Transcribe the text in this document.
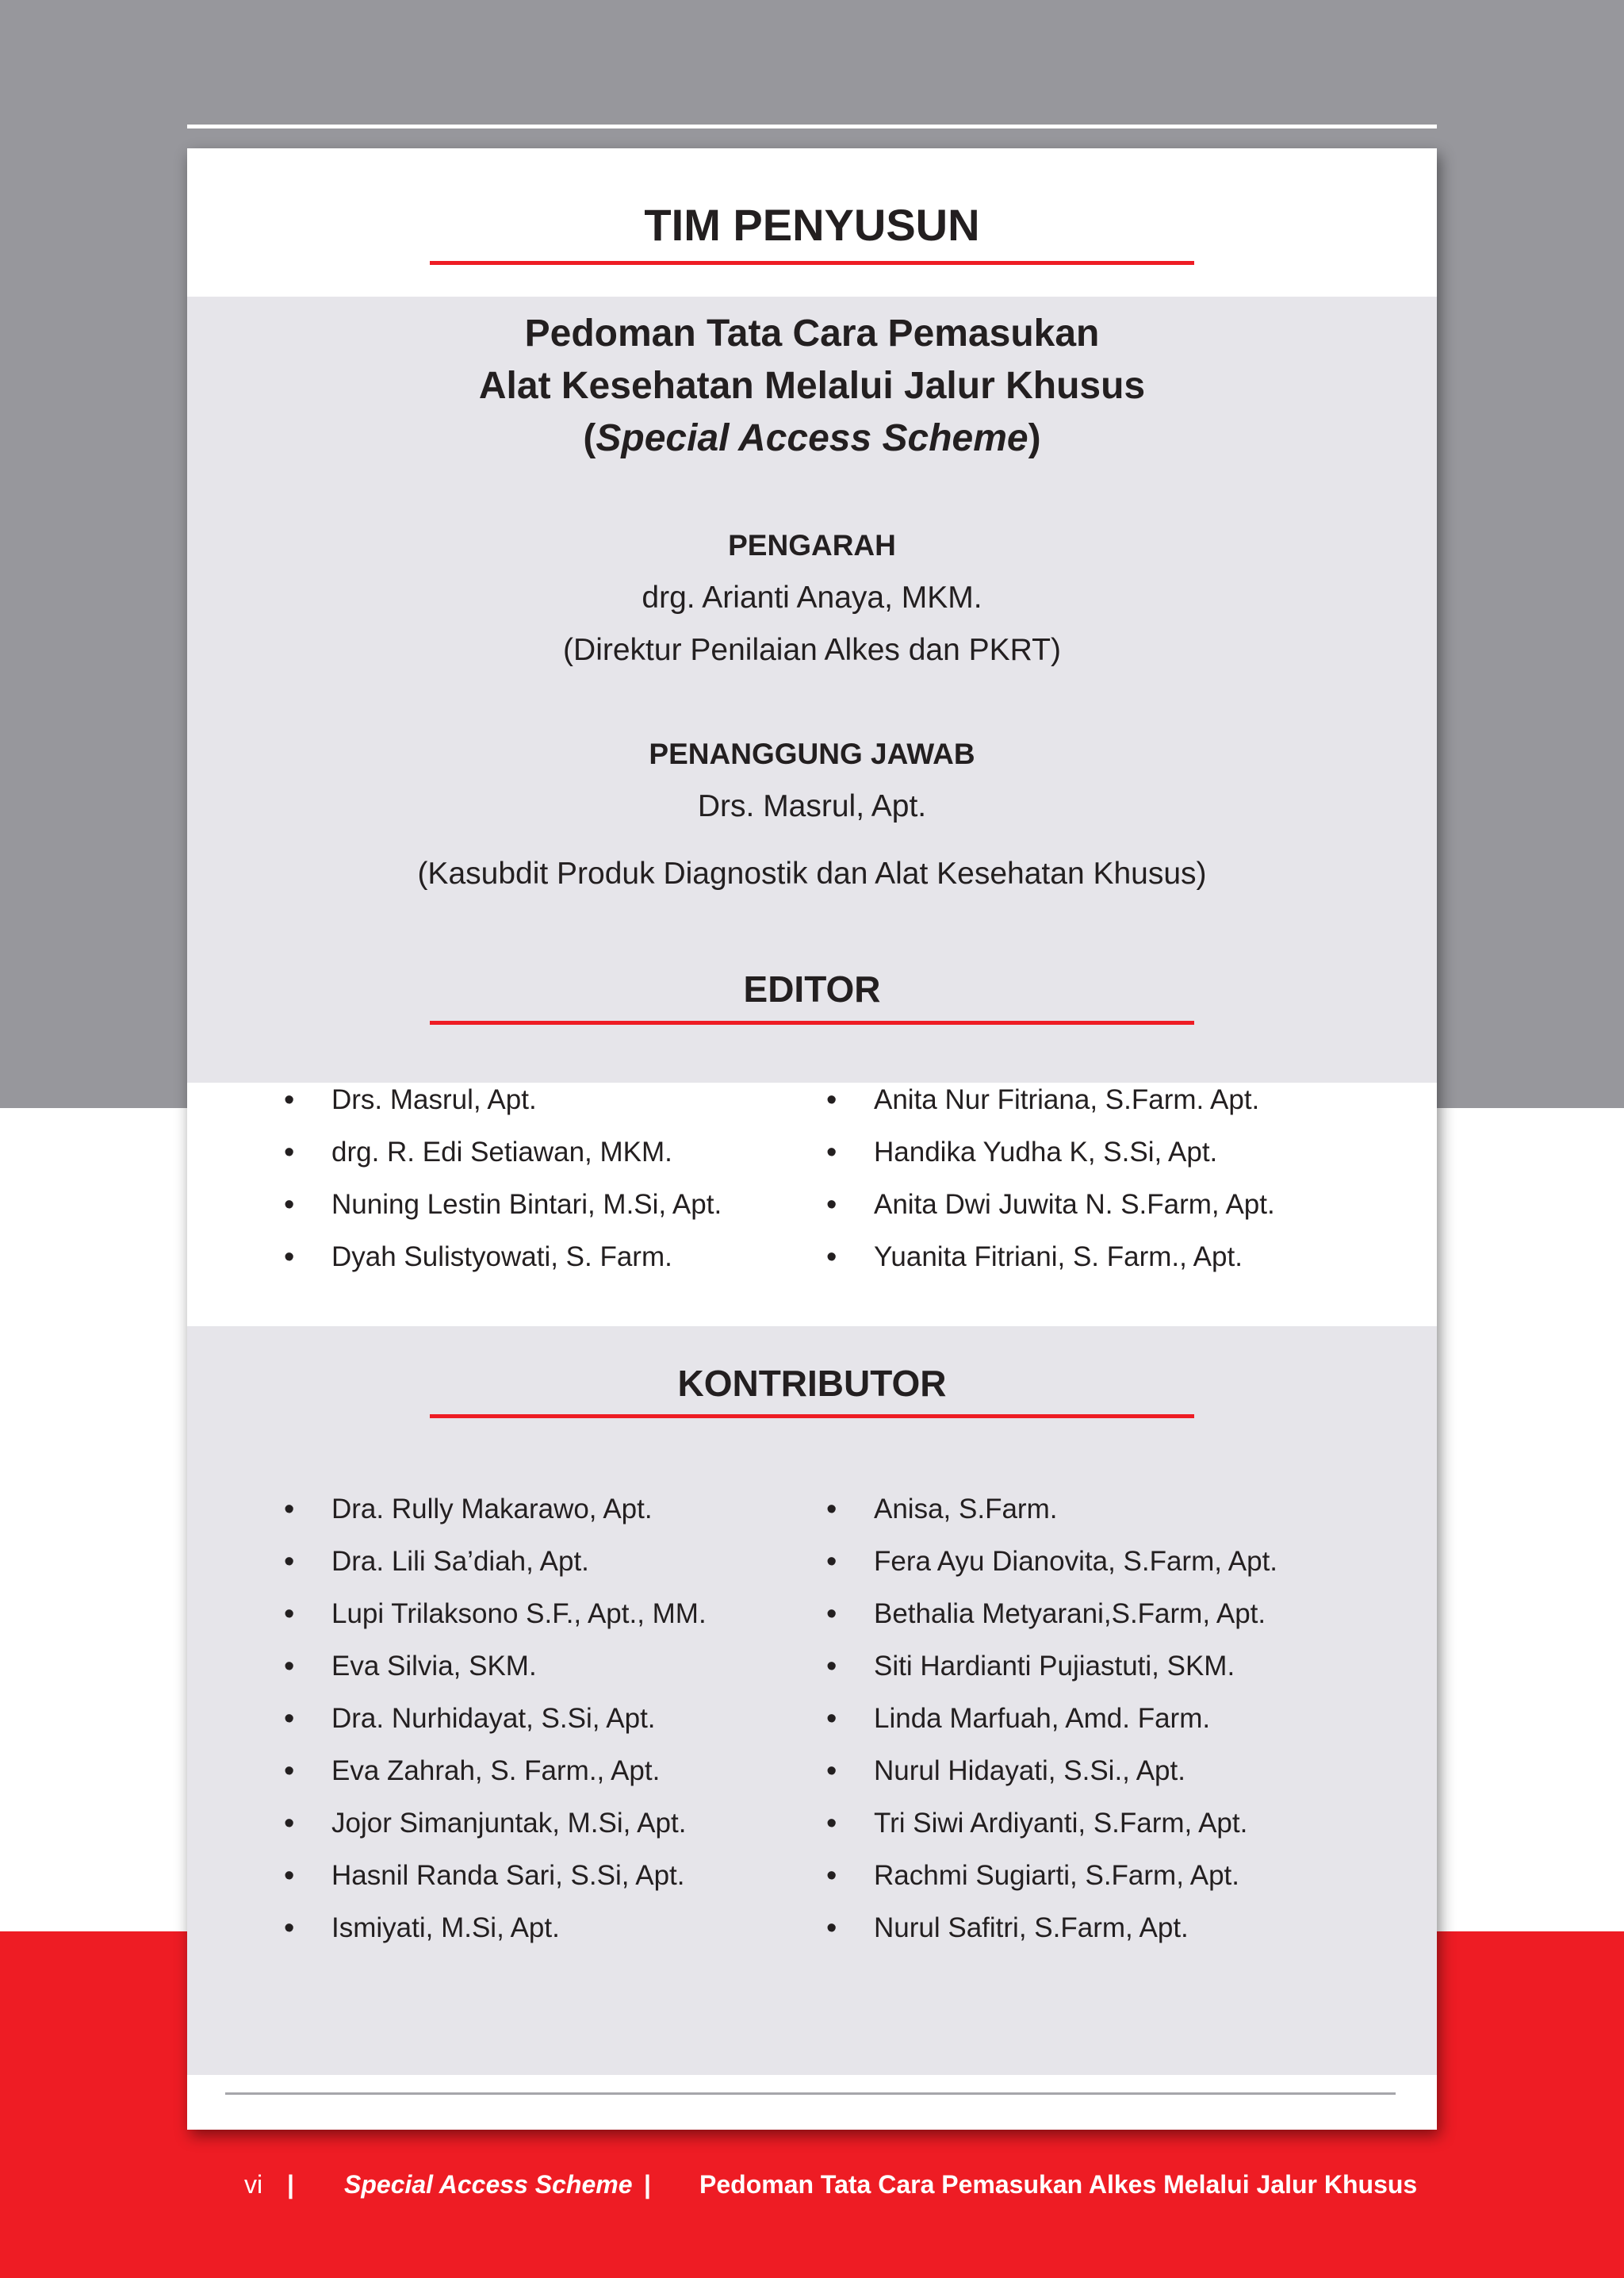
TIM PENYUSUN
Pedoman Tata Cara Pemasukan
Alat Kesehatan Melalui Jalur Khusus
(Special Access Scheme)
PENGARAH
drg. Arianti Anaya, MKM.
(Direktur Penilaian Alkes dan PKRT)
PENANGGUNG JAWAB
Drs. Masrul, Apt.
(Kasubdit Produk Diagnostik dan Alat Kesehatan Khusus)
EDITOR
• Drs. Masrul, Apt.
• drg. R. Edi Setiawan, MKM.
• Nuning Lestin Bintari, M.Si, Apt.
• Dyah Sulistyowati, S. Farm.
• Anita Nur Fitriana, S.Farm. Apt.
• Handika Yudha K, S.Si, Apt.
• Anita Dwi Juwita N. S.Farm, Apt.
• Yuanita Fitriani, S. Farm., Apt.
KONTRIBUTOR
• Dra. Rully Makarawo, Apt.
• Dra. Lili Sa’diah, Apt.
• Lupi Trilaksono S.F., Apt., MM.
• Eva Silvia, SKM.
• Dra. Nurhidayat, S.Si, Apt.
• Eva Zahrah, S. Farm., Apt.
• Jojor Simanjuntak, M.Si, Apt.
• Hasnil Randa Sari, S.Si, Apt.
• Ismiyati, M.Si, Apt.
• Anisa, S.Farm.
• Fera Ayu Dianovita, S.Farm, Apt.
• Bethalia Metyarani,S.Farm, Apt.
• Siti Hardianti Pujiastuti, SKM.
• Linda Marfuah, Amd. Farm.
• Nurul Hidayati, S.Si., Apt.
• Tri Siwi Ardiyanti, S.Farm, Apt.
• Rachmi Sugiarti, S.Farm, Apt.
• Nurul Safitri, S.Farm, Apt.
vi | Special Access Scheme | Pedoman Tata Cara Pemasukan Alkes Melalui Jalur Khusus
